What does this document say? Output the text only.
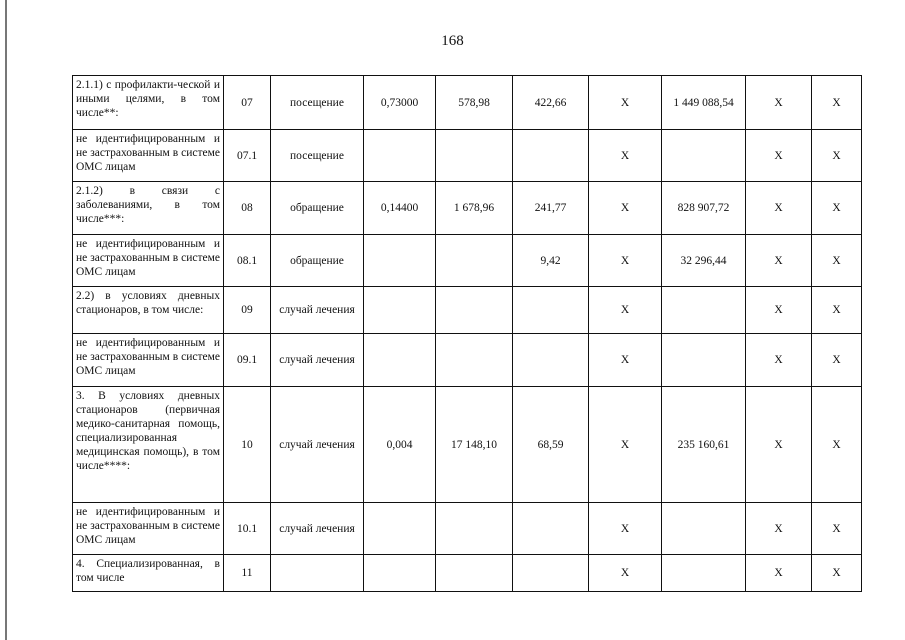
168
2.1.1) с профилакти-ческой и иными целями, в том числе**:	07	посещение	0,73000	578,98	422,66	X	1 449 088,54	X	X
не идентифицированным и не застрахованным в системе ОМС лицам	07.1	посещение				X		X	X
2.1.2) в связи с заболеваниями, в том числе***:	08	обращение	0,14400	1 678,96	241,77	X	828 907,72	X	X
не идентифицированным и не застрахованным в системе ОМС лицам	08.1	обращение			9,42	X	32 296,44	X	X
2.2) в условиях дневных стационаров, в том числе:	09	случай лечения				X		X	X
не идентифицированным и не застрахованным в системе ОМС лицам	09.1	случай лечения				X		X	X
3. В условиях дневных стационаров (первичная медико-санитарная помощь, специализированная медицинская помощь), в том числе****:	10	случай лечения	0,004	17 148,10	68,59	X	235 160,61	X	X
не идентифицированным и не застрахованным в системе ОМС лицам	10.1	случай лечения				X		X	X
4. Специализированная, в том числе	11					X		X	X
